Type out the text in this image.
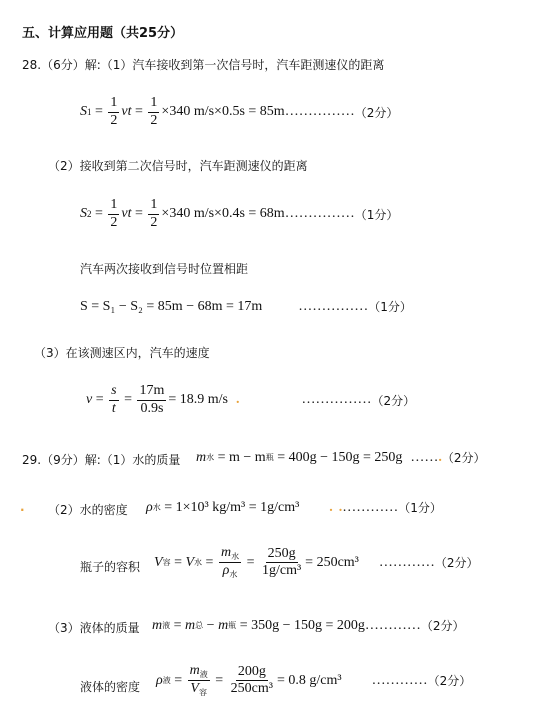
五、计算应用题（共25分）
28.（6分）解:（1）汽车接收到第一次信号时，汽车距测速仪的距离
S $1 = \frac{1}{2}$ vt = $\frac{1}{2} \times 340$ m/s×0.5s = 85m …………… （2分）
（2）接收到第二次信号时，汽车距测速仪的距离
S $2 = \frac{1}{2}$ vt = $\frac{1}{2} \times 340$ m/s×0.4s = 68m …………… （1分）
汽车两次接收到信号时位置相距
S = S₁ − S₂ = 85m − 68m = 17m	…………… （1分）
（3）在该测速区内，汽车的速度
$v = \frac{s}{t} = \frac{17m}{0.9s} = 18.9$ m/s .	…………… （2分）
29.（9分）解:（1）水的质量 m 水
= m − m 瓶
= 400g − 150g = 250g …… . （2分）
. （2）水的密度 ρ 水
= 1×10³ kg/m³ = 1g/cm³ . . …… …… （1分）
瓶子的容积 V 容 = V 水 = $\frac{m_水}{\rho_水} = \frac{250g}{\text{1g/cm³}} = 250cm^3$ …… …… （2分）
（3）液体的质量 m 液 = m 总 − m 瓶
= 350g − 150g = 200g …… …… （2分）
液体的密度 ρ 液 = $\frac{m_液}{V_容} = \frac{200g}{\text{250cm³}} = 0.8$ g/cm³ …… …… （2分）
